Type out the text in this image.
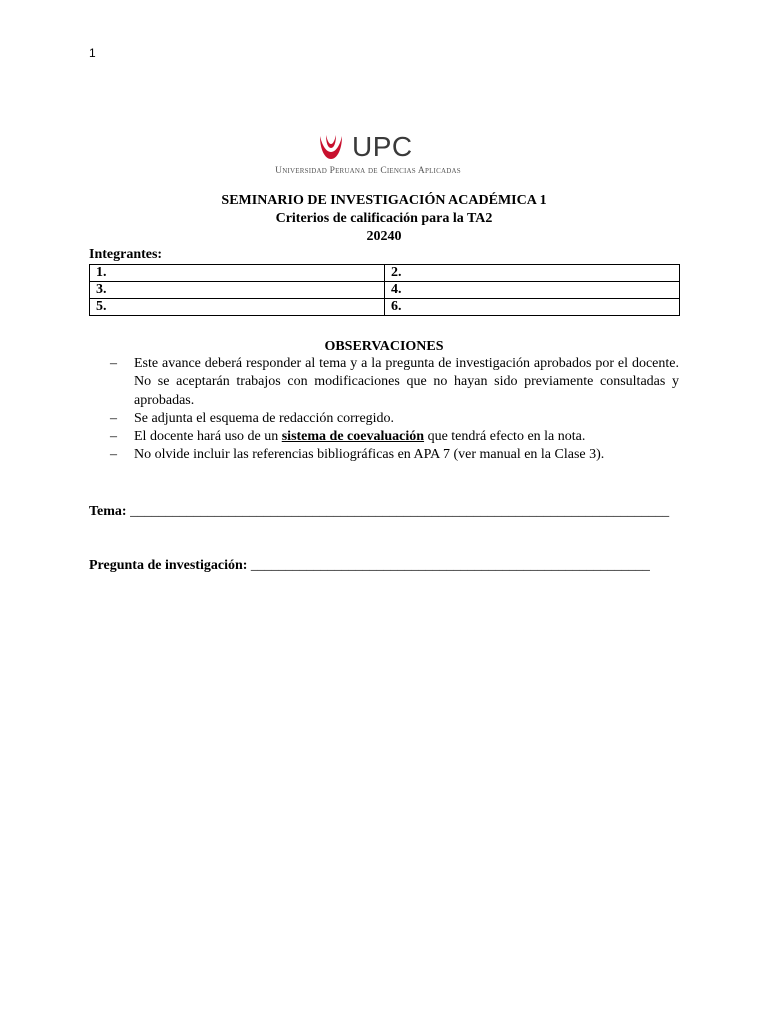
1
UPC
Universidad Peruana de Ciencias Aplicadas
SEMINARIO DE INVESTIGACIÓN ACADÉMICA 1
Criterios de calificación para la TA2
20240
Integrantes:
1.	2.
3.	4.
5.	6.
OBSERVACIONES
– Este avance deberá responder al tema y a la pregunta de investigación aprobados por el docente. No se aceptarán trabajos con modificaciones que no hayan sido previamente consultadas y aprobadas.
– Se adjunta el esquema de redacción corregido.
– El docente hará uso de un sistema de coevaluación que tendrá efecto en la nota.
– No olvide incluir las referencias bibliográficas en APA 7 (ver manual en la Clase 3).
Tema: _____________________________________________________________________________
Pregunta de investigación: _________________________________________________________
